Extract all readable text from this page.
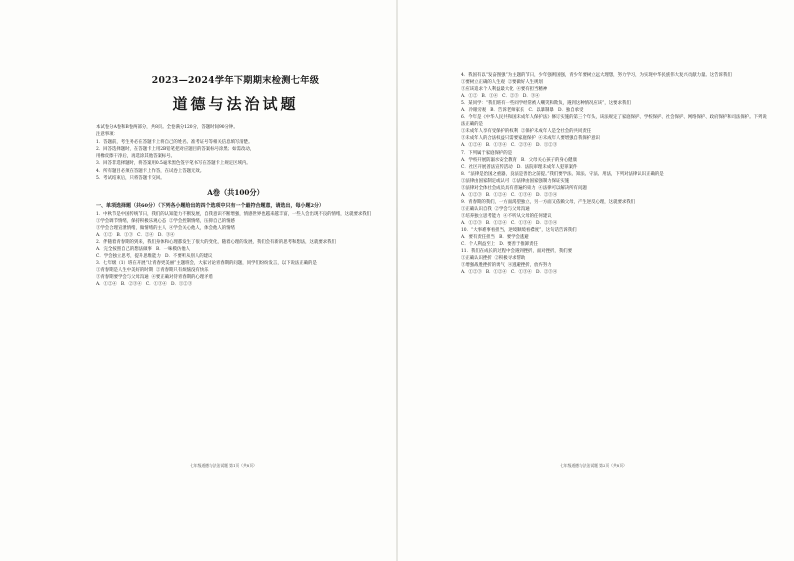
2023—2024学年下期期末检测七年级
道德与法治试题

本试卷分A卷和B卷两部分，共8页。全卷满分120分，答题时间90分钟。

注意事项：

1．答题前，考生务必在答题卡上将自己的姓名、准考证号等相关信息填写清楚。

2．回答选择题时，在答题卡上用2B铅笔把对应题目的答案标号涂黑；如需改动，

用橡皮擦干净后，再选涂其他答案标号。

3．回答非选择题时，将答案用0.5毫米黑色签字笔书写在答题卡上规定区域内。

4．所有题目必须在答题卡上作答，在试卷上答题无效。

5．考试结束后，只将答题卡交回。

A卷（共100分）
一、单项选择题（共60分）（下列各小题给出的四个选项中只有一个最符合题意，请选出，每小题2分）

1．中秋节是中国传统节日，我们的认知能力不断发展，自我意识不断增强，情感世界也越来越丰富，一些人会出现不良的情绪，这就要求我们

①学会调节情绪，保持积极乐观心态  ②学会控制情绪，压抑自己的情感

③学会合理宣泄情绪，做情绪的主人  ④学会关心他人，体会他人的情绪

A．①②   B．①③   C．②④   D．③④

2．伴随着青春期的到来，我们身体和心理都发生了很大的变化，随着心理的发展，我们会有新的思考和想法，这就要求我们

A．完全按照自己的想法做事   B．一味模仿他人

C．学会独立思考，提升思维能力   D．不要听从别人的建议

3．七年级（1）班在开展“让青春更美丽”主题班会，大家讨论青春期的问题，同学们纷纷发言，以下说法正确的是

①青春期是人生中美好的时期  ②青春期只有烦恼没有快乐

③青春期要学会与父母沟通  ④要正确对待青春期的心理矛盾

A．①②④   B．②③④   C．①③④   D．①②③

4．我国有以“发奋图强”为主题的节日，少年强则国强，青少年要树立远大理想，努力学习，为实现中华民族伟大复兴贡献力量。这告诉我们

①要树立正确的人生观  ②要做好人生规划

③应该追求个人利益最大化  ④要有担当精神

A．①②   B．①④   C．②③   D．③④

5．某同学：“我们班有一些同学经常被人嘲笑和欺负，遇到这种情况应该”，这要求我们

A．冷眼旁观   B．告诉老师家长   C．以暴制暴   D．独自承受

6．今年是《中华人民共和国未成年人保护法》修订实施的第三个年头，该法规定了家庭保护、学校保护、社会保护、网络保护、政府保护和司法保护。下列说法正确的是

①未成年人享有受保护的权利  ②保护未成年人是全社会的共同责任

③未成年人的合法权益只需要家庭保护  ④未成年人要增强自我保护意识

A．①②④   B．①③④   C．②③④   D．①②③

7．下列属于家庭保护的是

A．学校开展防溺水安全教育   B．父母关心孩子的身心健康

C．社区开展普法宣传活动   D．法院审理未成年人犯罪案件

8．“法律是治国之重器，良法是善治之前提。”我们要学法、知法、守法、用法，下列对法律认识正确的是

①法律由国家制定或认可  ②法律由国家强制力保证实施

③法律对全体社会成员具有普遍约束力  ④法律可以解决所有问题

A．①②③   B．①②④   C．①③④   D．②③④

9．青春期的我们，一方面渴望独立，另一方面又依赖父母，产生逆反心理，这就要求我们

①正确认识自我  ②学会与父母沟通

③培养独立思考能力  ④不听从父母的任何建议

A．①②③   B．①②④   C．①③④   D．②③④

10．“大事难事看担当，逆境顺境看襟度”，这句话告诉我们

A．要有责任担当   B．要学会逃避

C．个人利益至上   D．要善于推卸责任

11．我们在成长的过程中会遇到挫折，面对挫折，我们要

①正确认识挫折  ②积极寻求帮助

③增强战胜挫折的勇气  ④逃避挫折，放弃努力

A．①②③   B．①②④   C．①③④   D．②③④

七年级道德与法治试题 第1页（共8页）	七年级道德与法治试题 第2页（共8页）
